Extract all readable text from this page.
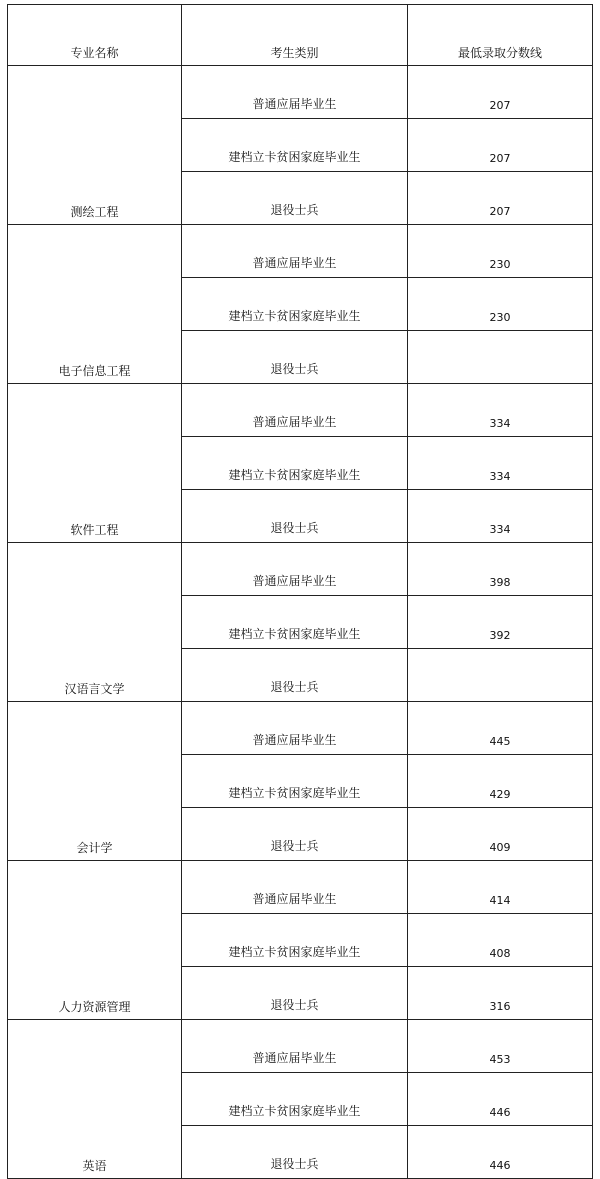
专业名称	考生类别	最低录取分数线
测绘工程	普通应届毕业生	207
	建档立卡贫困家庭毕业生	207
	退役士兵	207
电子信息工程	普通应届毕业生	230
	建档立卡贫困家庭毕业生	230
	退役士兵	
软件工程	普通应届毕业生	334
	建档立卡贫困家庭毕业生	334
	退役士兵	334
汉语言文学	普通应届毕业生	398
	建档立卡贫困家庭毕业生	392
	退役士兵	
会计学	普通应届毕业生	445
	建档立卡贫困家庭毕业生	429
	退役士兵	409
人力资源管理	普通应届毕业生	414
	建档立卡贫困家庭毕业生	408
	退役士兵	316
英语	普通应届毕业生	453
	建档立卡贫困家庭毕业生	446
	退役士兵	446
